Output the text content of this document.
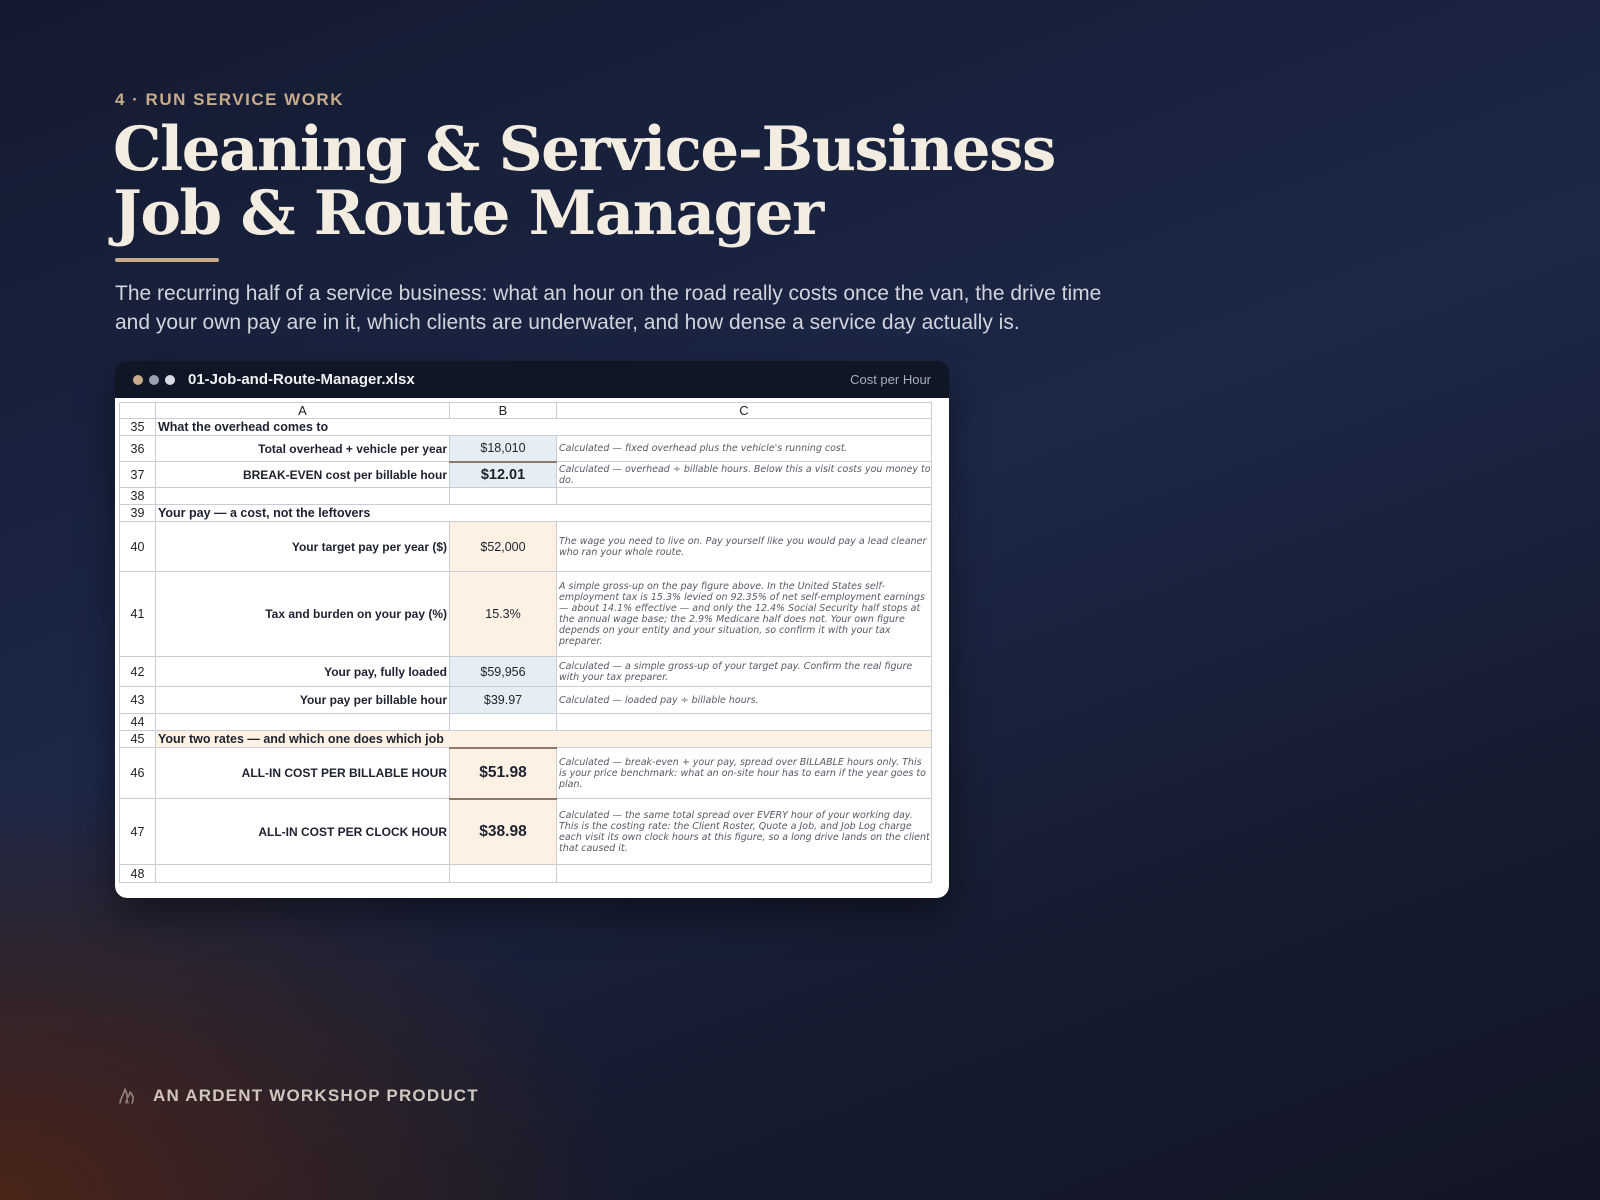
4 · RUN SERVICE WORK
Cleaning & Service-Business
Job & Route Manager

The recurring half of a service business: what an hour on the road really costs once the van, the drive time and your own pay are in it, which clients are underwater, and how dense a service day actually is.

01-Job-and-Route-Manager.xlsx	Cost per Hour
	A	B	C
35	What the overhead comes to		
36	Total overhead + vehicle per year	$18,010	Calculated — fixed overhead plus the vehicle's running cost.
37	BREAK-EVEN cost per billable hour	$12.01	Calculated — overhead ÷ billable hours. Below this a visit costs you money to do.
38			
39	Your pay — a cost, not the leftovers		
40	Your target pay per year ($)	$52,000	The wage you need to live on. Pay yourself like you would pay a lead cleaner who ran your whole route.
41	Tax and burden on your pay (%)	15.3%	A simple gross-up on the pay figure above. In the United States self-employment tax is 15.3% levied on 92.35% of net self-employment earnings — about 14.1% effective — and only the 12.4% Social Security half stops at the annual wage base; the 2.9% Medicare half does not. Your own figure depends on your entity and your situation, so confirm it with your tax preparer.
42	Your pay, fully loaded	$59,956	Calculated — a simple gross-up of your target pay. Confirm the real figure with your tax preparer.
43	Your pay per billable hour	$39.97	Calculated — loaded pay ÷ billable hours.
44			
45	Your two rates — and which one does which job		
46	ALL-IN COST PER BILLABLE HOUR	$51.98	Calculated — break-even + your pay, spread over BILLABLE hours only. This is your price benchmark: what an on-site hour has to earn if the year goes to plan.
47	ALL-IN COST PER CLOCK HOUR	$38.98	Calculated — the same total spread over EVERY hour of your working day. This is the costing rate: the Client Roster, Quote a Job, and Job Log charge each visit its own clock hours at this figure, so a long drive lands on the client that caused it.
48			
AN ARDENT WORKSHOP PRODUCT
